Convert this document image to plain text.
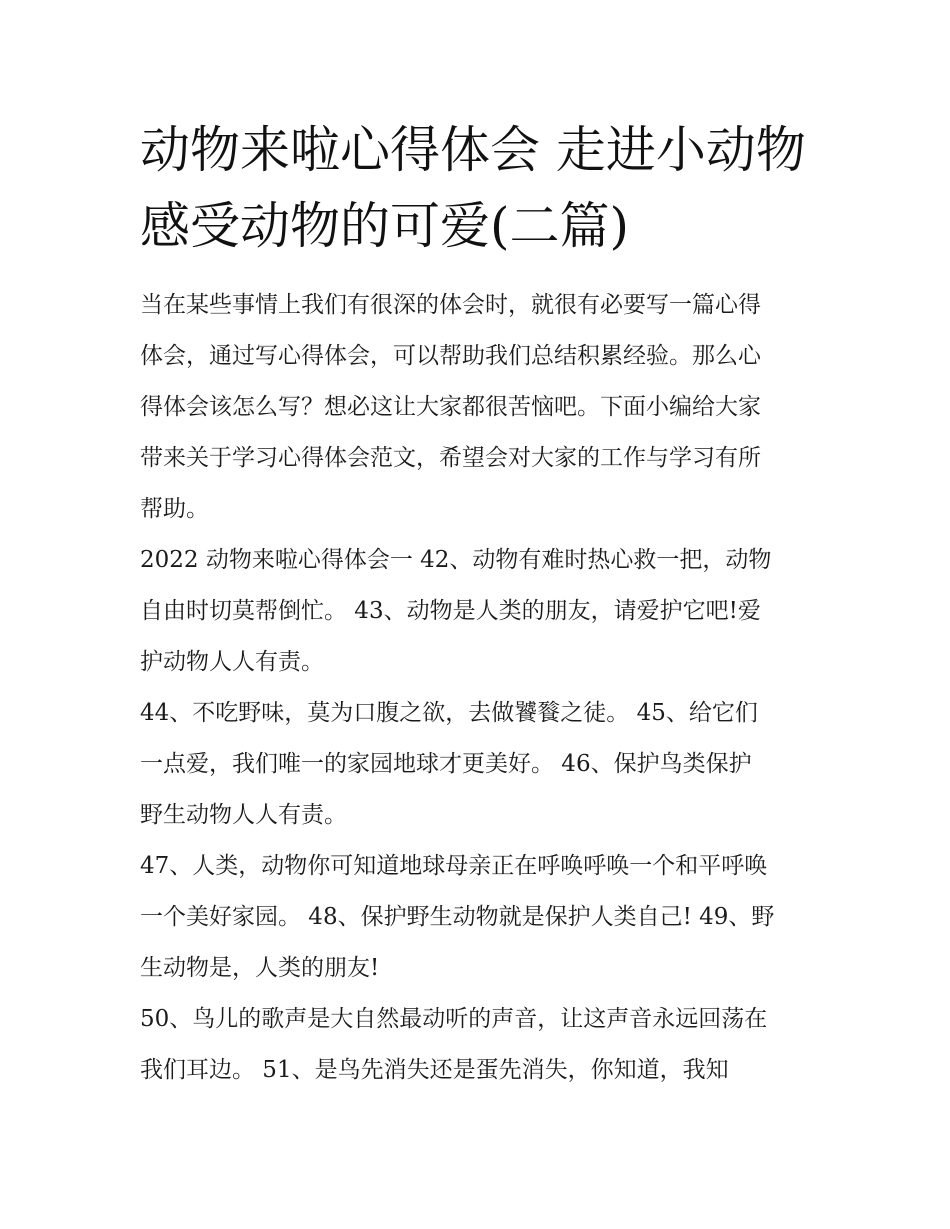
动物来啦心得体会 走进小动物
感受动物的可爱(二篇)
当在某些事情上我们有很深的体会时，就很有必要写一篇心得
体会，通过写心得体会，可以帮助我们总结积累经验。那么心
得体会该怎么写？想必这让大家都很苦恼吧。下面小编给大家
带来关于学习心得体会范文，希望会对大家的工作与学习有所
帮助。
2022 动物来啦心得体会一 42、动物有难时热心救一把，动物
自由时切莫帮倒忙。 43、动物是人类的朋友，请爱护它吧!爱
护动物人人有责。
44、不吃野味，莫为口腹之欲，去做饕餮之徒。 45、给它们
一点爱，我们唯一的家园地球才更美好。 46、保护鸟类保护
野生动物人人有责。
47、人类，动物你可知道地球母亲正在呼唤呼唤一个和平呼唤
一个美好家园。 48、保护野生动物就是保护人类自己! 49、野
生动物是，人类的朋友!
50、鸟儿的歌声是大自然最动听的声音，让这声音永远回荡在
我们耳边。 51、是鸟先消失还是蛋先消失，你知道，我知
